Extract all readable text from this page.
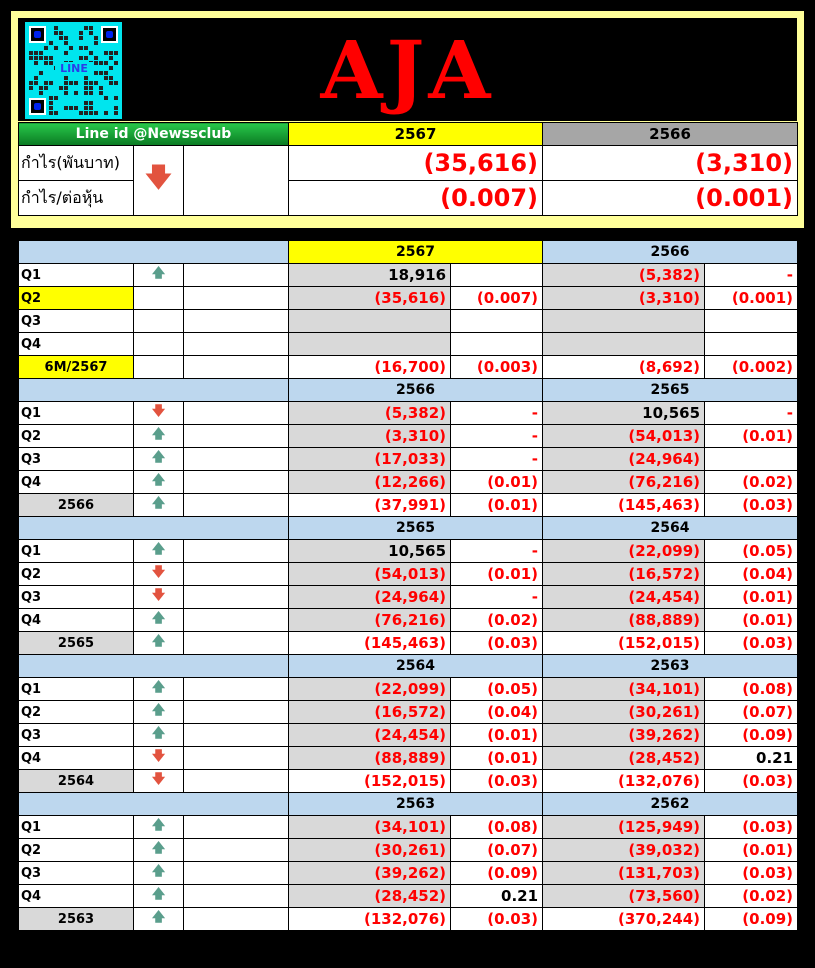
LINE	AJA
Line id @Newssclub			2567	2566
กำไร(พันบาท)	🡇		(35,616)	(3,310)
กำไร/ต่อหุ้น			(0.007)	(0.001)
			2567		2566	
Q1	🡅		18,916		(5,382)	-
Q2			(35,616)	(0.007)	(3,310)	(0.001)
Q3						
Q4						
6M/2567			(16,700)	(0.003)	(8,692)	(0.002)
			2566		2565	
Q1	🡇		(5,382)	-	10,565	-
Q2	🡅		(3,310)	-	(54,013)	(0.01)
Q3	🡅		(17,033)	-	(24,964)	
Q4	🡅		(12,266)	(0.01)	(76,216)	(0.02)
2566	🡅		(37,991)	(0.01)	(145,463)	(0.03)
			2565		2564	
Q1	🡅		10,565	-	(22,099)	(0.05)
Q2	🡇		(54,013)	(0.01)	(16,572)	(0.04)
Q3	🡇		(24,964)	-	(24,454)	(0.01)
Q4	🡅		(76,216)	(0.02)	(88,889)	(0.01)
2565	🡅		(145,463)	(0.03)	(152,015)	(0.03)
			2564		2563	
Q1	🡅		(22,099)	(0.05)	(34,101)	(0.08)
Q2	🡅		(16,572)	(0.04)	(30,261)	(0.07)
Q3	🡅		(24,454)	(0.01)	(39,262)	(0.09)
Q4	🡇		(88,889)	(0.01)	(28,452)	0.21
2564	🡇		(152,015)	(0.03)	(132,076)	(0.03)
			2563		2562	
Q1	🡅		(34,101)	(0.08)	(125,949)	(0.03)
Q2	🡅		(30,261)	(0.07)	(39,032)	(0.01)
Q3	🡅		(39,262)	(0.09)	(131,703)	(0.03)
Q4	🡅		(28,452)	0.21	(73,560)	(0.02)
2563	🡅		(132,076)	(0.03)	(370,244)	(0.09)
